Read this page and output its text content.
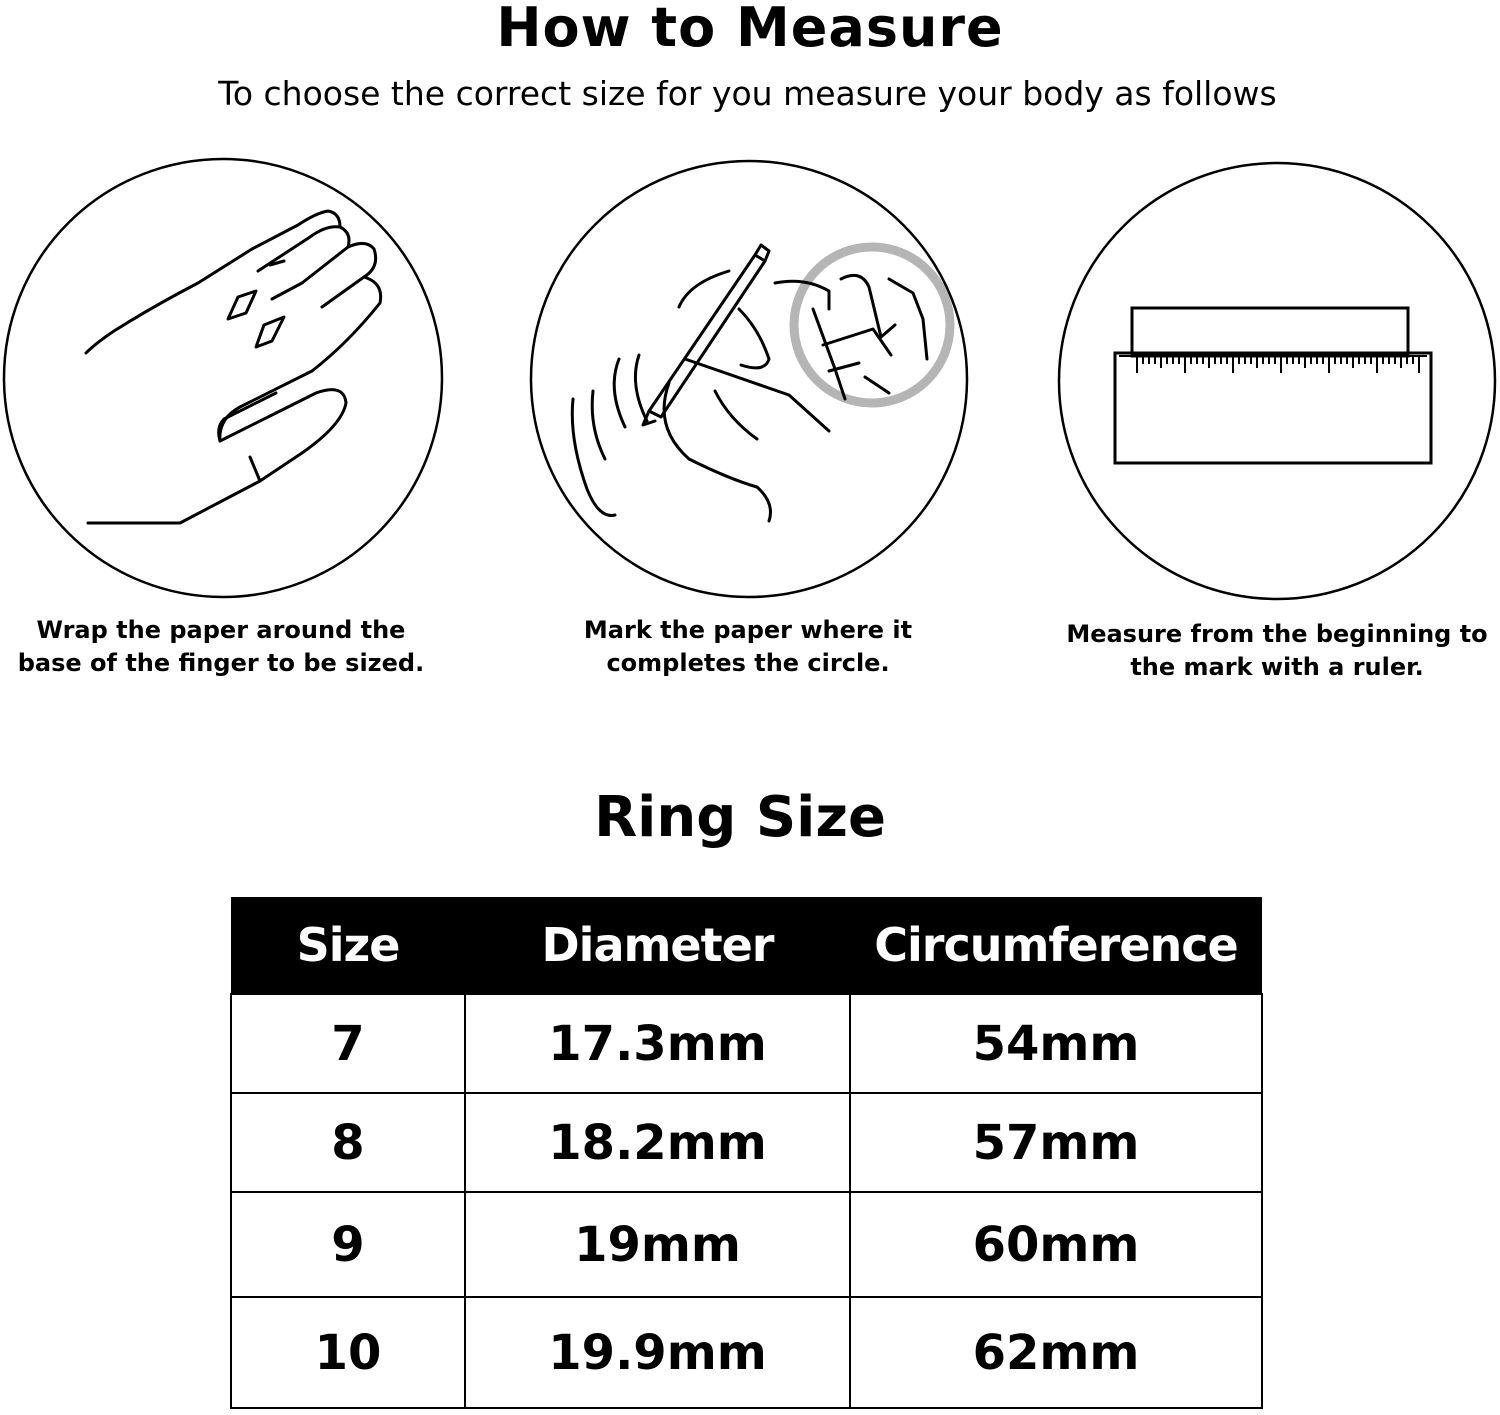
How to Measure
To choose the correct size for you measure your body as follows
Wrap the paper around the
base of the finger to be sized.
Mark the paper where it
completes the circle.
Measure from the beginning to
the mark with a ruler.
Ring Size
Size	Diameter	Circumference
7	17.3mm	54mm
8	18.2mm	57mm
9	19mm	60mm
10	19.9mm	62mm
